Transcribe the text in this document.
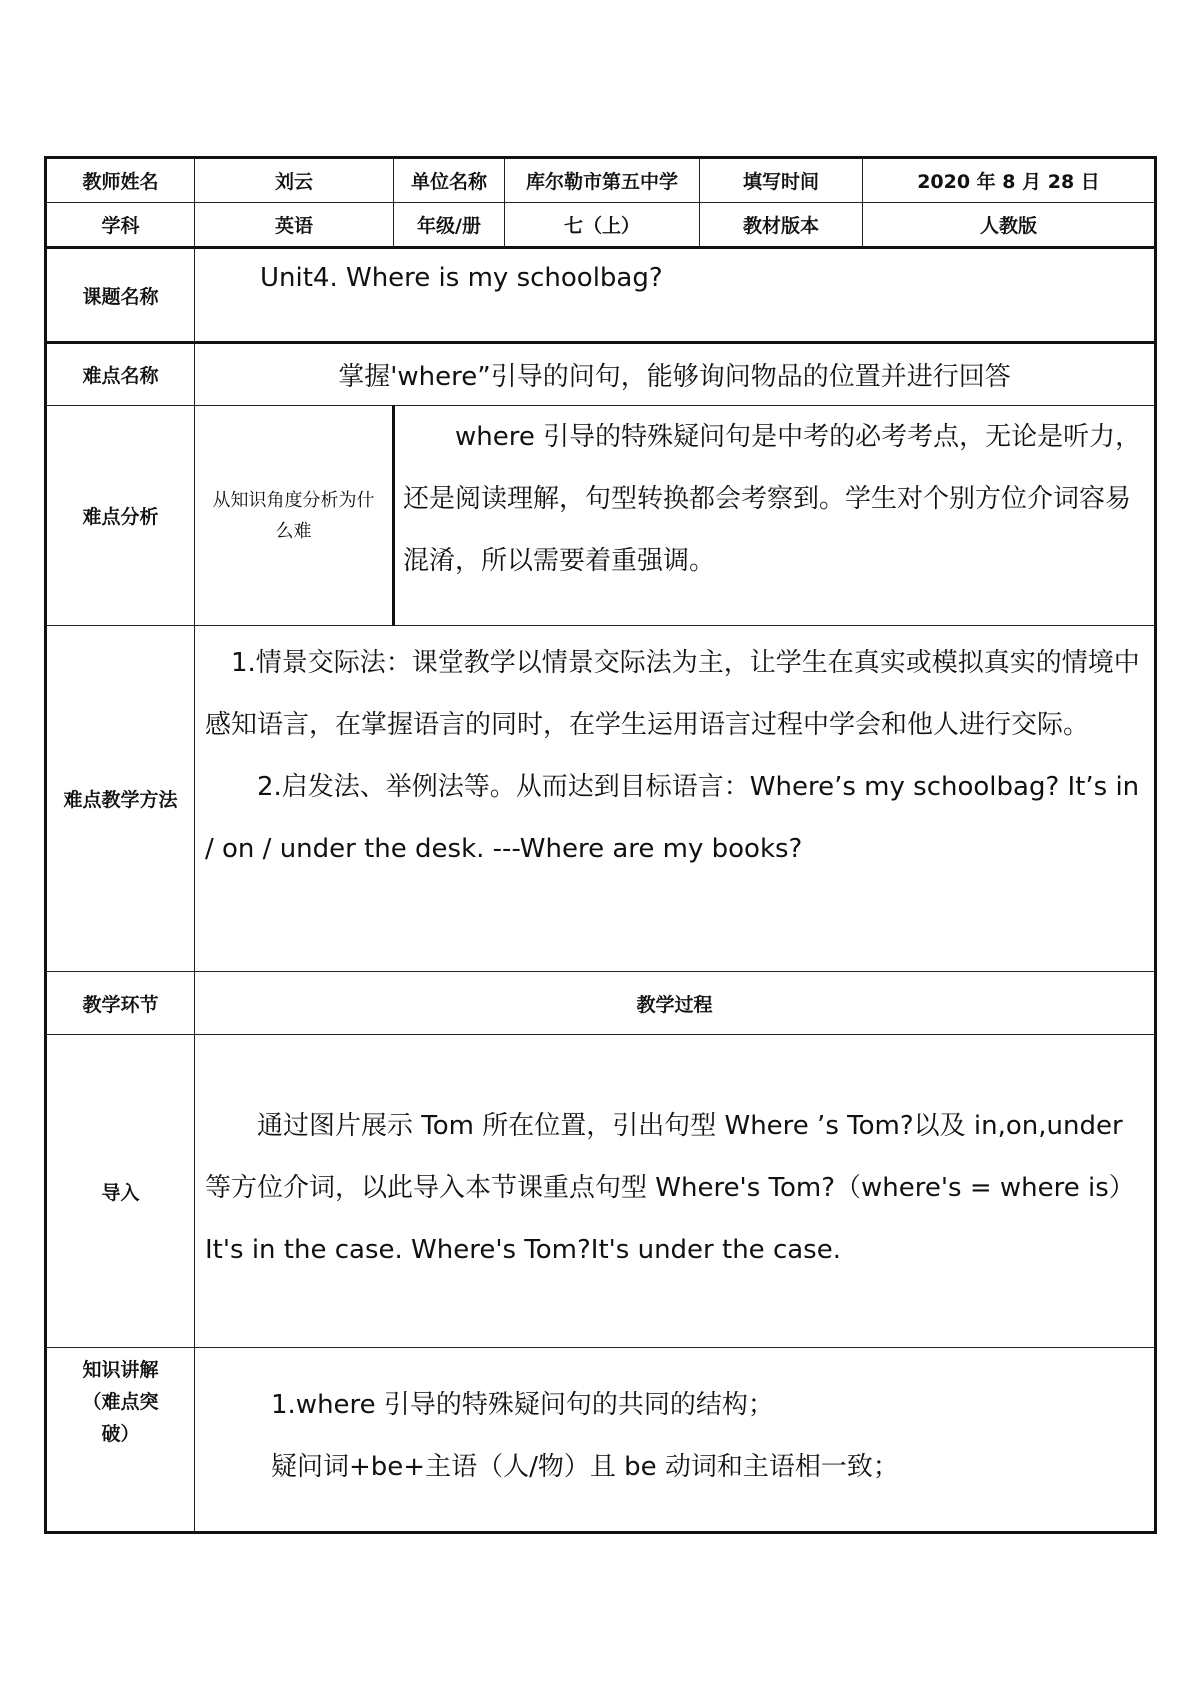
教师姓名	刘云	单位名称	库尔勒市第五中学	填写时间	2020 年 8 月 28 日
学科	英语	年级/册	七（上）	教材版本	人教版
课题名称	Unit4. Where is my schoolbag?				

难点名称	掌握'where”引导的问句，能够询问物品的位置并进行回答				
难点分析	从知识角度分析为什么难	where 引导的特殊疑问句是中考的必考考点，无论是听力，还是阅读理解，句型转换都会考察到。学生对个别方位介词容易混淆，所以需要着重强调。			

难点教学方法	1.情景交际法：课堂教学以情景交际法为主，让学生在真实或模拟真实的情境中感知语言，在掌握语言的同时，在学生运用语言过程中学会和他人进行交际。
2.启发法、举例法等。从而达到目标语言：Where’s my schoolbag? It’s in / on / under the desk. ---Where are my books?				

教学环节	教学过程				
导入	通过图片展示 Tom 所在位置，引出句型 Where ’s Tom?以及 in,on,under 等方位介词，以此导入本节课重点句型 Where's Tom?（where's = where is）
It's in the case. Where's Tom?It's under the case.				

知识讲解（难点突破）	1.where 引导的特殊疑问句的共同的结构；
疑问词+be+主语（人/物）且 be 动词和主语相一致；				
